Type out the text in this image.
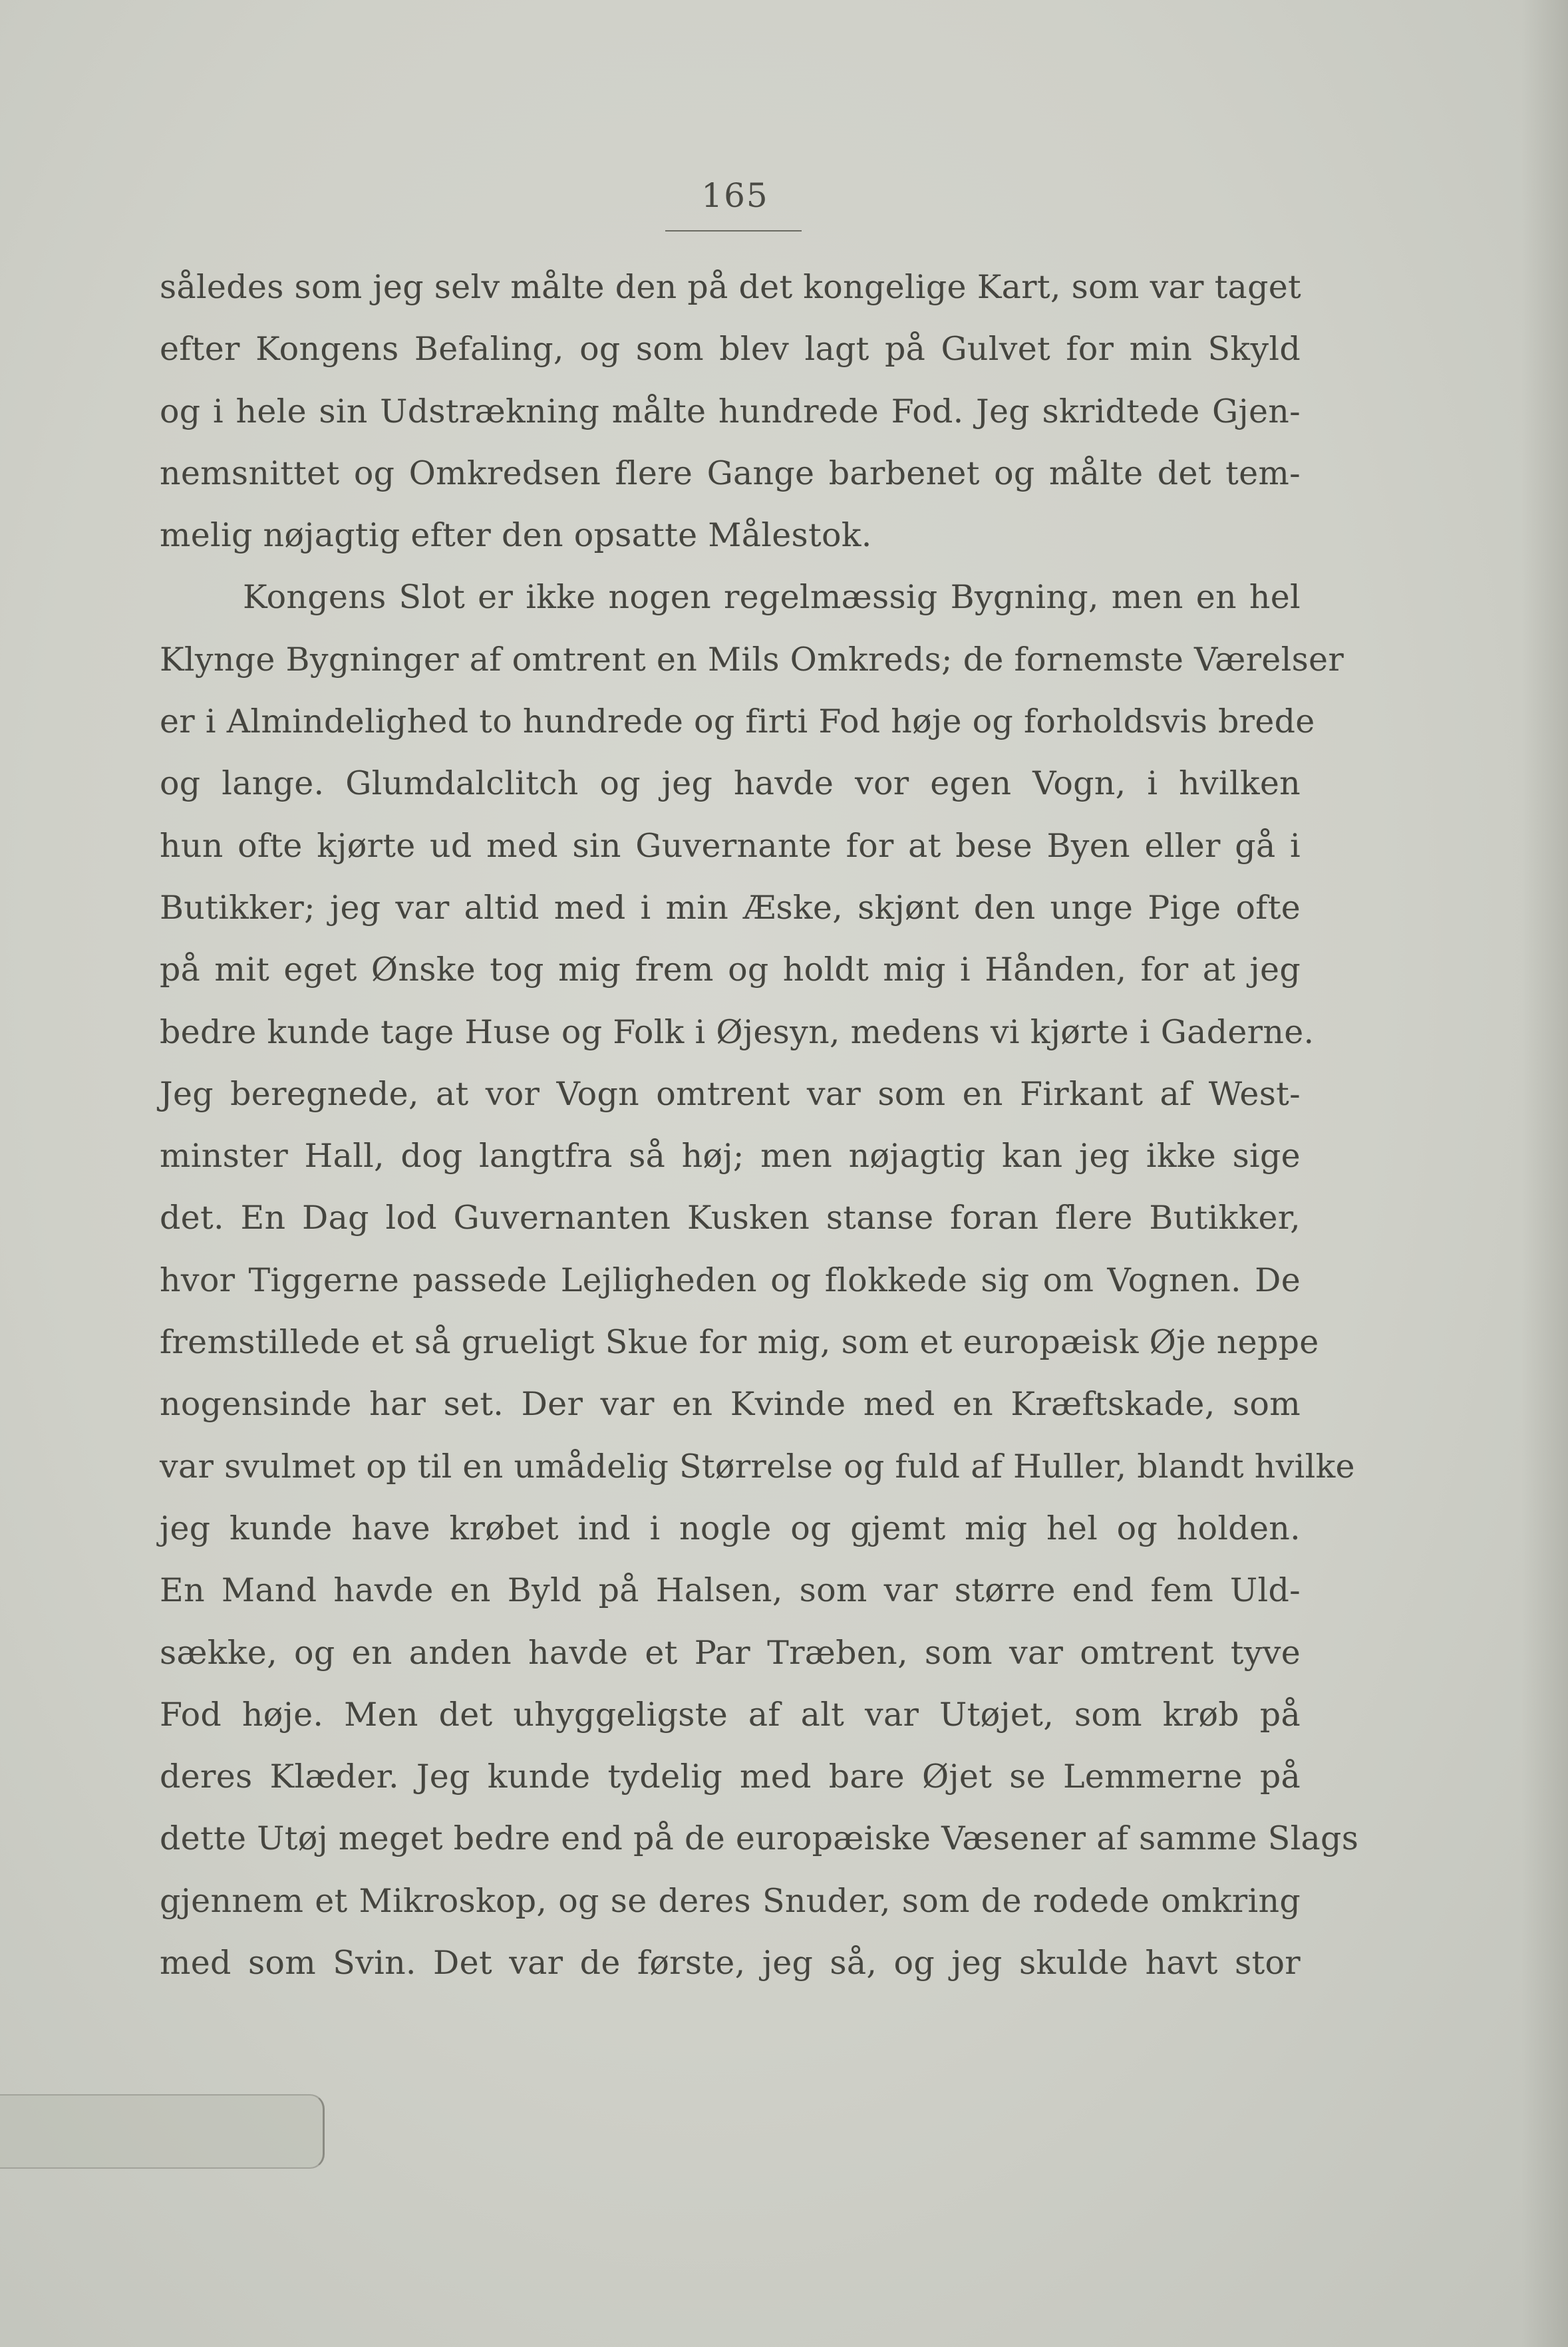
165
således som jeg selv målte den på det kongelige Kart, som var taget
efter Kongens Befaling, og som blev lagt på Gulvet for min Skyld
og i hele sin Udstrækning målte hundrede Fod. Jeg skridtede Gjen-
nemsnittet og Omkredsen flere Gange barbenet og målte det tem-
melig nøjagtig efter den opsatte Målestok.
Kongens Slot er ikke nogen regelmæssig Bygning, men en hel
Klynge Bygninger af omtrent en Mils Omkreds; de fornemste Værelser
er i Almindelighed to hundrede og firti Fod høje og forholdsvis brede
og lange. Glumdalclitch og jeg havde vor egen Vogn, i hvilken
hun ofte kjørte ud med sin Guvernante for at bese Byen eller gå i
Butikker; jeg var altid med i min Æske, skjønt den unge Pige ofte
på mit eget Ønske tog mig frem og holdt mig i Hånden, for at jeg
bedre kunde tage Huse og Folk i Øjesyn, medens vi kjørte i Gaderne.
Jeg beregnede, at vor Vogn omtrent var som en Firkant af West-
minster Hall, dog langtfra så høj; men nøjagtig kan jeg ikke sige
det. En Dag lod Guvernanten Kusken stanse foran flere Butikker,
hvor Tiggerne passede Lejligheden og flokkede sig om Vognen. De
fremstillede et så grueligt Skue for mig, som et europæisk Øje neppe
nogensinde har set. Der var en Kvinde med en Kræftskade, som
var svulmet op til en umådelig Størrelse og fuld af Huller, blandt hvilke
jeg kunde have krøbet ind i nogle og gjemt mig hel og holden.
En Mand havde en Byld på Halsen, som var større end fem Uld-
sække, og en anden havde et Par Træben, som var omtrent tyve
Fod høje. Men det uhyggeligste af alt var Utøjet, som krøb på
deres Klæder. Jeg kunde tydelig med bare Øjet se Lemmerne på
dette Utøj meget bedre end på de europæiske Væsener af samme Slags
gjennem et Mikroskop, og se deres Snuder, som de rodede omkring
med som Svin. Det var de første, jeg så, og jeg skulde havt stor
